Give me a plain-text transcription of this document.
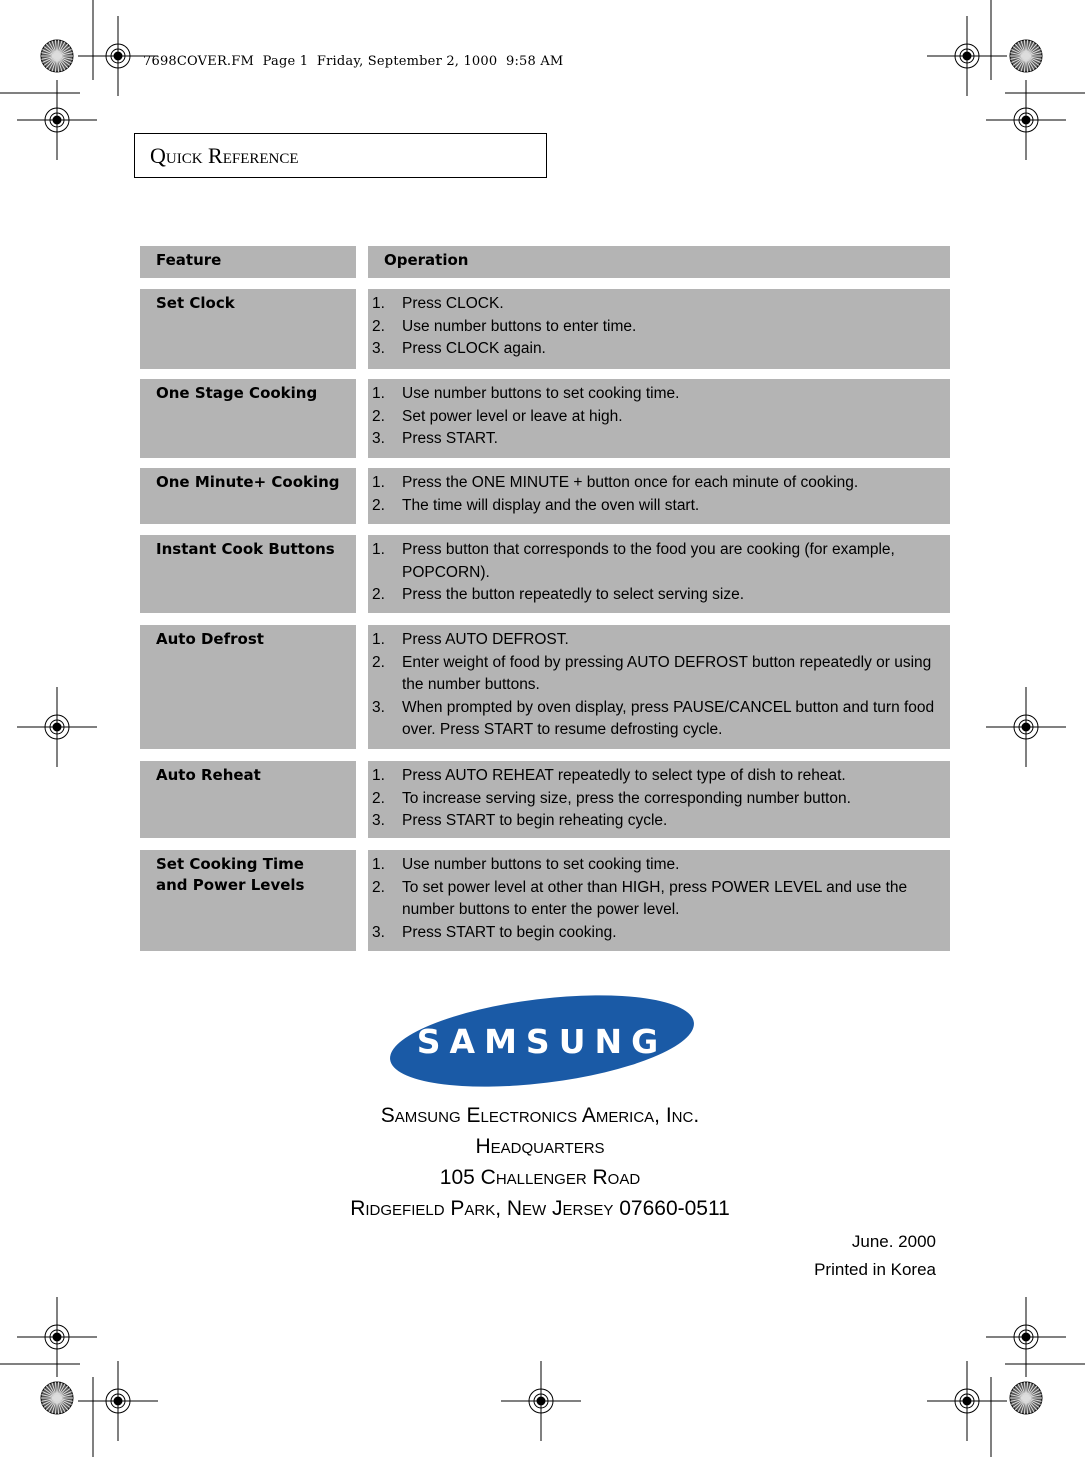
7698COVER.FM  Page 1  Friday, September 2, 1000  9:58 AM
Quick Reference
Feature	Operation
Set Clock	1. Press CLOCK.
2. Use number buttons to enter time.
3. Press CLOCK again.
One Stage Cooking	1. Use number buttons to set cooking time.
2. Set power level or leave at high.
3. Press START.
One Minute+ Cooking	1. Press the ONE MINUTE + button once for each minute of cooking.
2. The time will display and the oven will start.
Instant Cook Buttons	1. Press button that corresponds to the food you are cooking (for example, POPCORN).
2. Press the button repeatedly to select serving size.
Auto Defrost	1. Press AUTO DEFROST.
2. Enter weight of food by pressing AUTO DEFROST button repeatedly or using the number buttons.
3. When prompted by oven display, press PAUSE/CANCEL button and turn food over. Press START to resume defrosting cycle.
Auto Reheat	1. Press AUTO REHEAT repeatedly to select type of dish to reheat.
2. To increase serving size, press the corresponding number button.
3. Press START to begin reheating cycle.
Set Cooking Time and Power Levels
1. Use number buttons to set cooking time.
2. To set power level at other than HIGH, press POWER LEVEL and use the number buttons to enter the power level.
3. Press START to begin cooking.
SAMSUNG
Samsung Electronics America, Inc.
Headquarters
105 Challenger Road
Ridgefield Park, New Jersey 07660-0511
June. 2000
Printed in Korea
